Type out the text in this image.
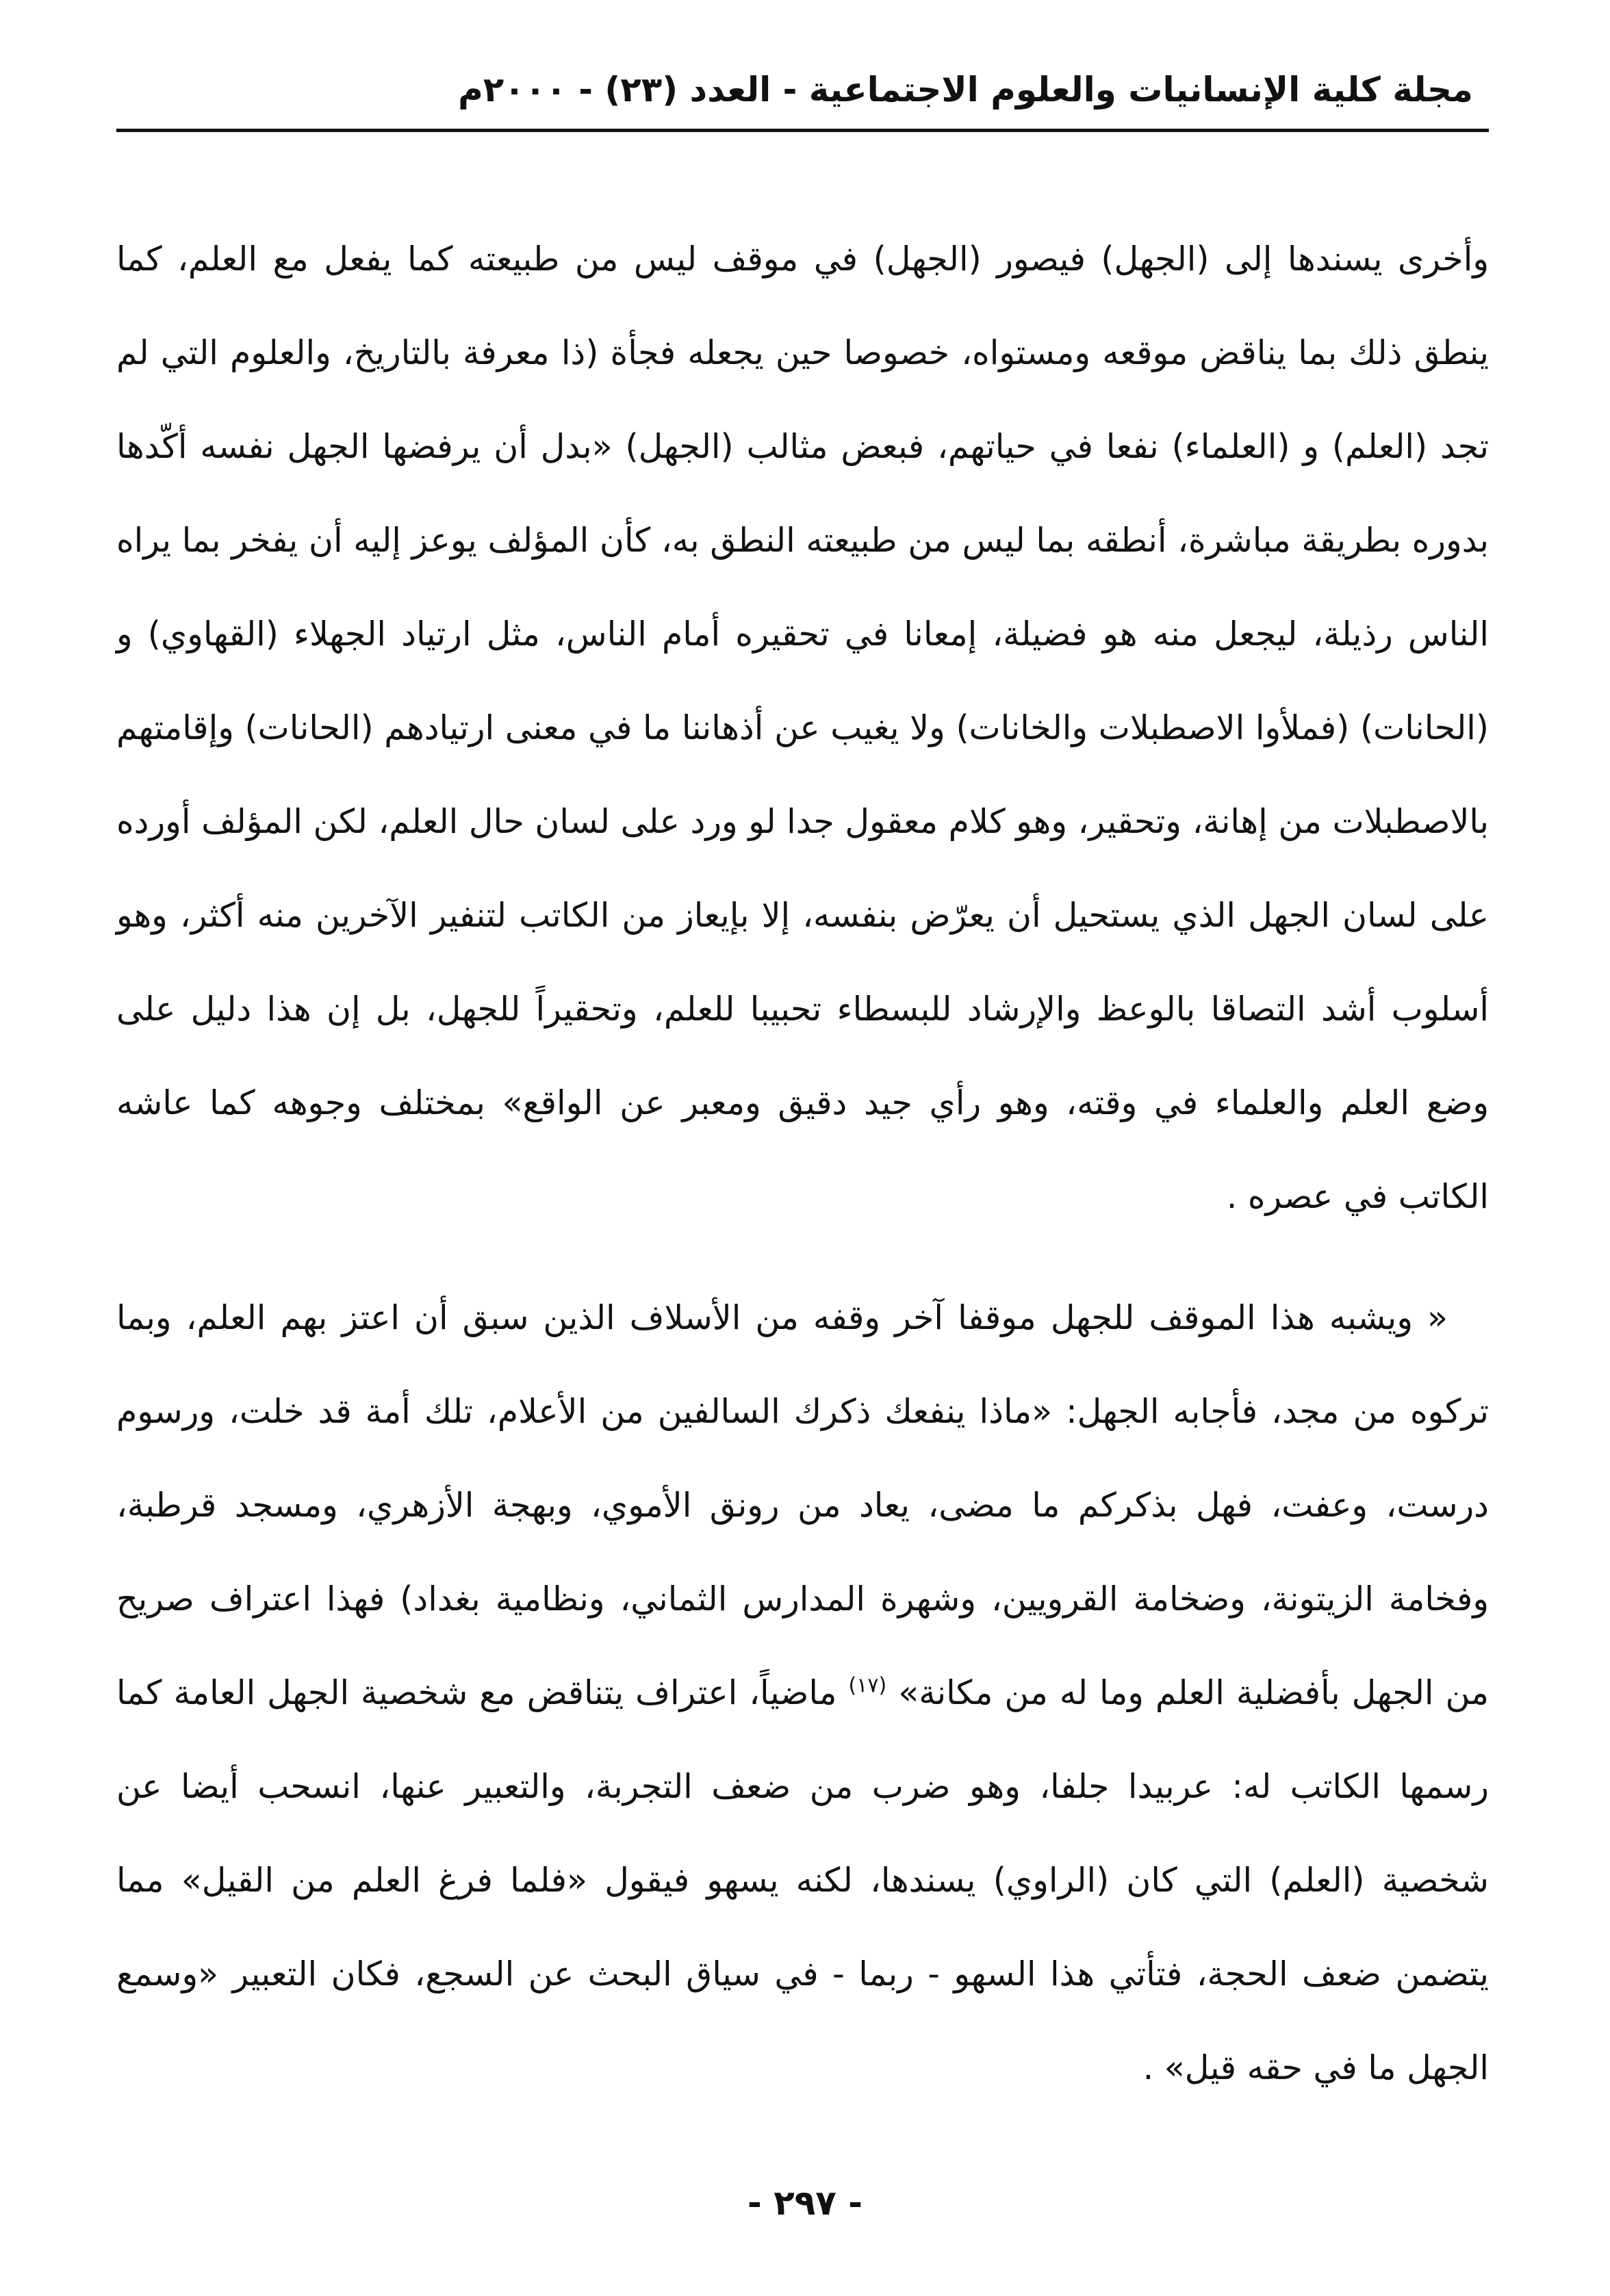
مجلة كلية الإنسانيات والعلوم الاجتماعية - العدد (٢٣) - ٢٠٠٠م

وأخرى يسندها إلى (الجهل) فيصور (الجهل) في موقف ليس من طبيعته كما يفعل مع العلم، كما ينطق ذلك بما يناقض موقعه ومستواه، خصوصا حين يجعله فجأة (ذا معرفة بالتاريخ، والعلوم التي لم تجد (العلم) و (العلماء) نفعا في حياتهم، فبعض مثالب (الجهل) «بدل أن يرفضها الجهل نفسه أكّدها بدوره بطريقة مباشرة، أنطقه بما ليس من طبيعته النطق به، كأن المؤلف يوعز إليه أن يفخر بما يراه الناس رذيلة، ليجعل منه هو فضيلة، إمعانا في تحقيره أمام الناس، مثل ارتياد الجهلاء (القهاوي) و (الحانات) (فملأوا الاصطبلات والخانات) ولا يغيب عن أذهاننا ما في معنى ارتيادهم (الحانات) وإقامتهم بالاصطبلات من إهانة، وتحقير، وهو كلام معقول جدا لو ورد على لسان حال العلم، لكن المؤلف أورده على لسان الجهل الذي يستحيل أن يعرّض بنفسه، إلا بإيعاز من الكاتب لتنفير الآخرين منه أكثر، وهو أسلوب أشد التصاقا بالوعظ والإرشاد للبسطاء تحبيبا للعلم، وتحقيراً للجهل، بل إن هذا دليل على وضع العلم والعلماء في وقته، وهو رأي جيد دقيق ومعبر عن الواقع» بمختلف وجوهه كما عاشه الكاتب في عصره .

« ويشبه هذا الموقف للجهل موقفا آخر وقفه من الأسلاف الذين سبق أن اعتز بهم العلم، وبما تركوه من مجد، فأجابه الجهل: «ماذا ينفعك ذكرك السالفين من الأعلام، تلك أمة قد خلت، ورسوم درست، وعفت، فهل بذكركم ما مضى، يعاد من رونق الأموي، وبهجة الأزهري، ومسجد قرطبة، وفخامة الزيتونة، وضخامة القرويين، وشهرة المدارس الثماني، ونظامية بغداد) فهذا اعتراف صريح من الجهل بأفضلية العلم وما له من مكانة» $^{(١٧)}$ ماضياً، اعتراف يتناقض مع شخصية الجهل العامة كما رسمها الكاتب له: عربيدا جلفا، وهو ضرب من ضعف التجربة، والتعبير عنها، انسحب أيضا عن شخصية (العلم) التي كان (الراوي) يسندها، لكنه يسهو فيقول «فلما فرغ العلم من القيل» مما يتضمن ضعف الحجة، فتأتي هذا السهو - ربما - في سياق البحث عن السجع، فكان التعبير «وسمع الجهل ما في حقه قيل» .

- ٢٩٧ -
